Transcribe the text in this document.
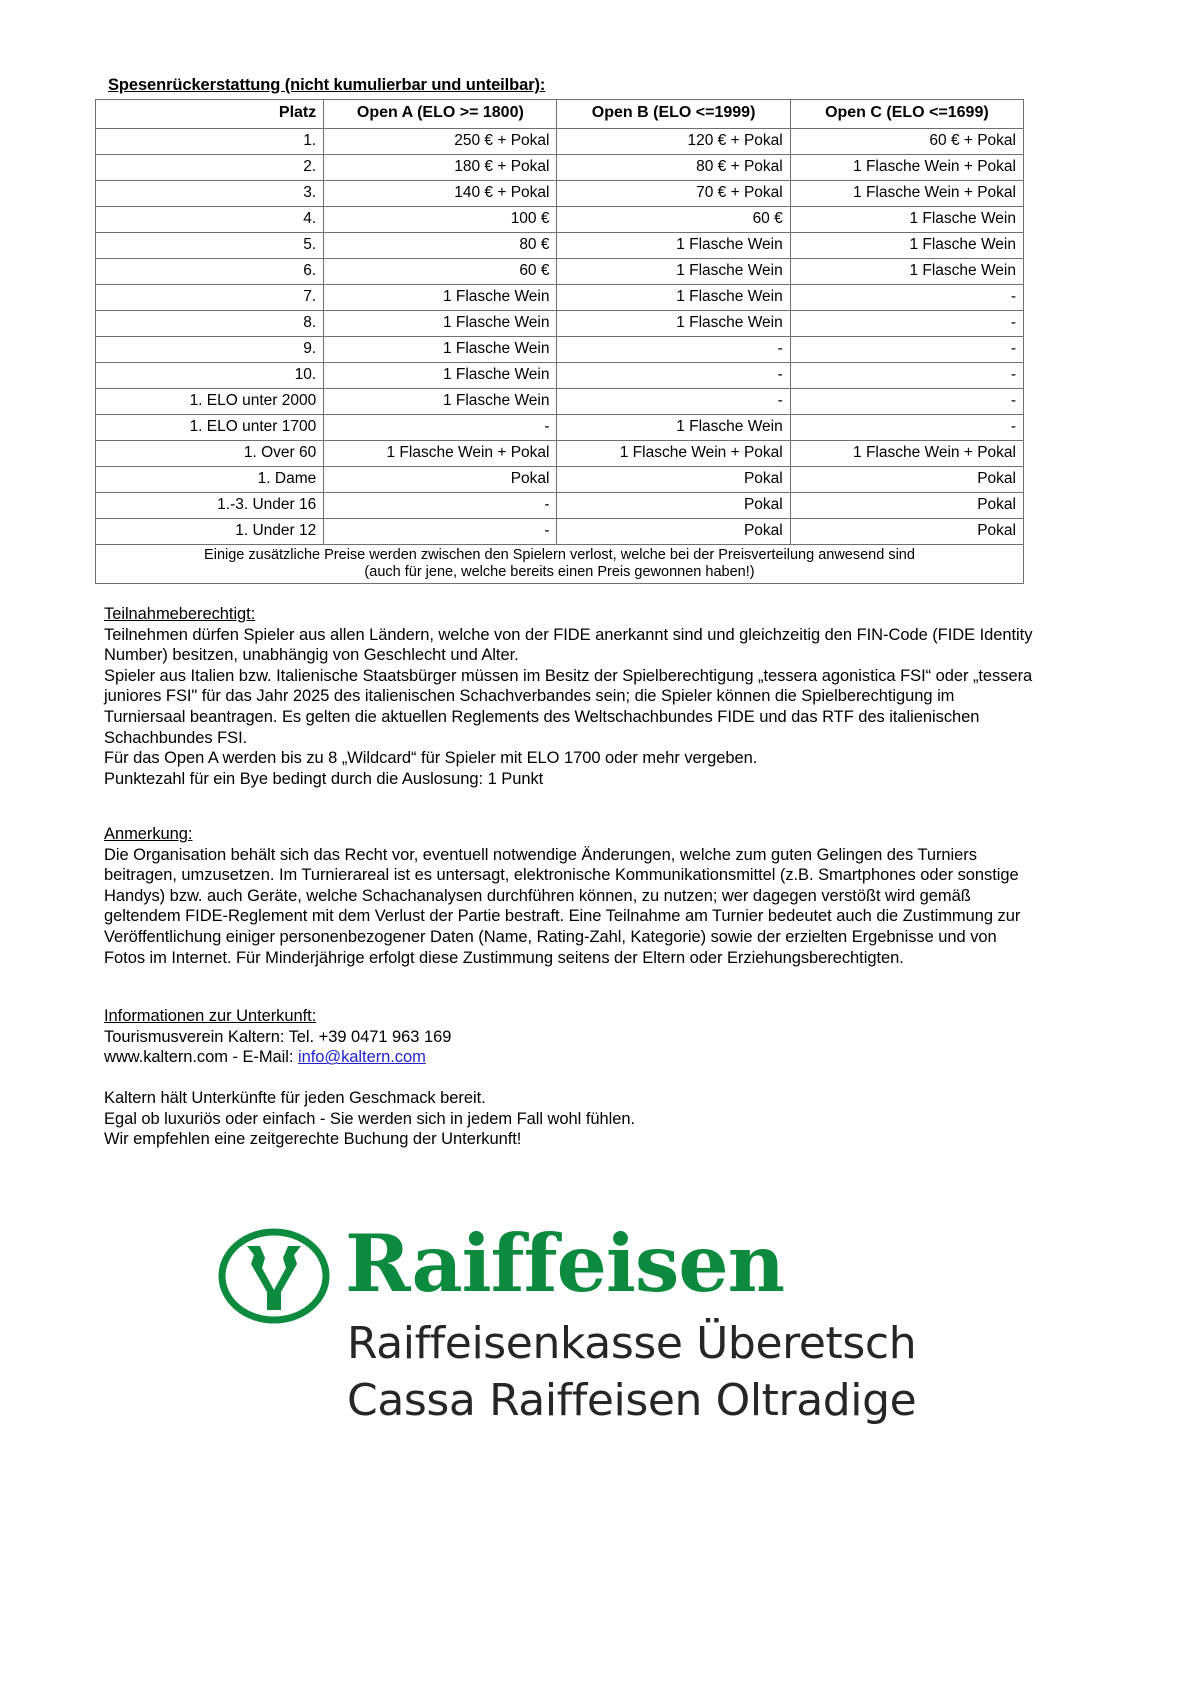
Spesenrückerstattung (nicht kumulierbar und unteilbar):
Platz	Open A (ELO >= 1800)	Open B (ELO <=1999)	Open C (ELO <=1699)
1.	250 € + Pokal	120 € + Pokal	60 € + Pokal
2.	180 € + Pokal	80 € + Pokal	1 Flasche Wein + Pokal
3.	140 € + Pokal	70 € + Pokal	1 Flasche Wein + Pokal
4.	100 €	60 €	1 Flasche Wein
5.	80 €	1 Flasche Wein	1 Flasche Wein
6.	60 €	1 Flasche Wein	1 Flasche Wein
7.	1 Flasche Wein	1 Flasche Wein	-
8.	1 Flasche Wein	1 Flasche Wein	-
9.	1 Flasche Wein	-	-
10.	1 Flasche Wein	-	-
1. ELO unter 2000	1 Flasche Wein	-	-
1. ELO unter 1700	-	1 Flasche Wein	-
1. Over 60	1 Flasche Wein + Pokal	1 Flasche Wein + Pokal	1 Flasche Wein + Pokal
1. Dame	Pokal	Pokal	Pokal
1.-3. Under 16	-	Pokal	Pokal
1. Under 12	-	Pokal	Pokal

Einige zusätzliche Preise werden zwischen den Spielern verlost, welche bei der Preisverteilung anwesend sind
(auch für jene, welche bereits einen Preis gewonnen haben!)			
Teilnahmeberechtigt:

Teilnehmen dürfen Spieler aus allen Ländern, welche von der FIDE anerkannt sind und gleichzeitig den FIN-Code (FIDE Identity Number) besitzen, unabhängig von Geschlecht und Alter.

Spieler aus Italien bzw. Italienische Staatsbürger müssen im Besitz der Spielberechtigung „tessera agonistica FSI“ oder „tessera juniores FSI" für das Jahr 2025 des italienischen Schachverbandes sein; die Spieler können die Spielberechtigung im Turniersaal beantragen. Es gelten die aktuellen Reglements des Weltschachbundes FIDE und das RTF des italienischen Schachbundes FSI.

Für das Open A werden bis zu 8 „Wildcard“ für Spieler mit ELO 1700 oder mehr vergeben.

Punktezahl für ein Bye bedingt durch die Auslosung: 1 Punkt

Anmerkung:

Die Organisation behält sich das Recht vor, eventuell notwendige Änderungen, welche zum guten Gelingen des Turniers beitragen, umzusetzen. Im Turnierareal ist es untersagt, elektronische Kommunikationsmittel (z.B. Smartphones oder sonstige Handys) bzw. auch Geräte, welche Schachanalysen durchführen können, zu nutzen; wer dagegen verstößt wird gemäß geltendem FIDE-Reglement mit dem Verlust der Partie bestraft. Eine Teilnahme am Turnier bedeutet auch die Zustimmung zur Veröffentlichung einiger personenbezogener Daten (Name, Rating-Zahl, Kategorie) sowie der erzielten Ergebnisse und von Fotos im Internet. Für Minderjährige erfolgt diese Zustimmung seitens der Eltern oder Erziehungsberechtigten.

Informationen zur Unterkunft:

Tourismusverein Kaltern: Tel. +39 0471 963 169

www.kaltern.com - E-Mail: info@kaltern.com

Kaltern hält Unterkünfte für jeden Geschmack bereit.

Egal ob luxuriös oder einfach - Sie werden sich in jedem Fall wohl fühlen.

Wir empfehlen eine zeitgerechte Buchung der Unterkunft!

Raiffeisen
Raiffeisenkasse Überetsch
Cassa Raiffeisen Oltradige
